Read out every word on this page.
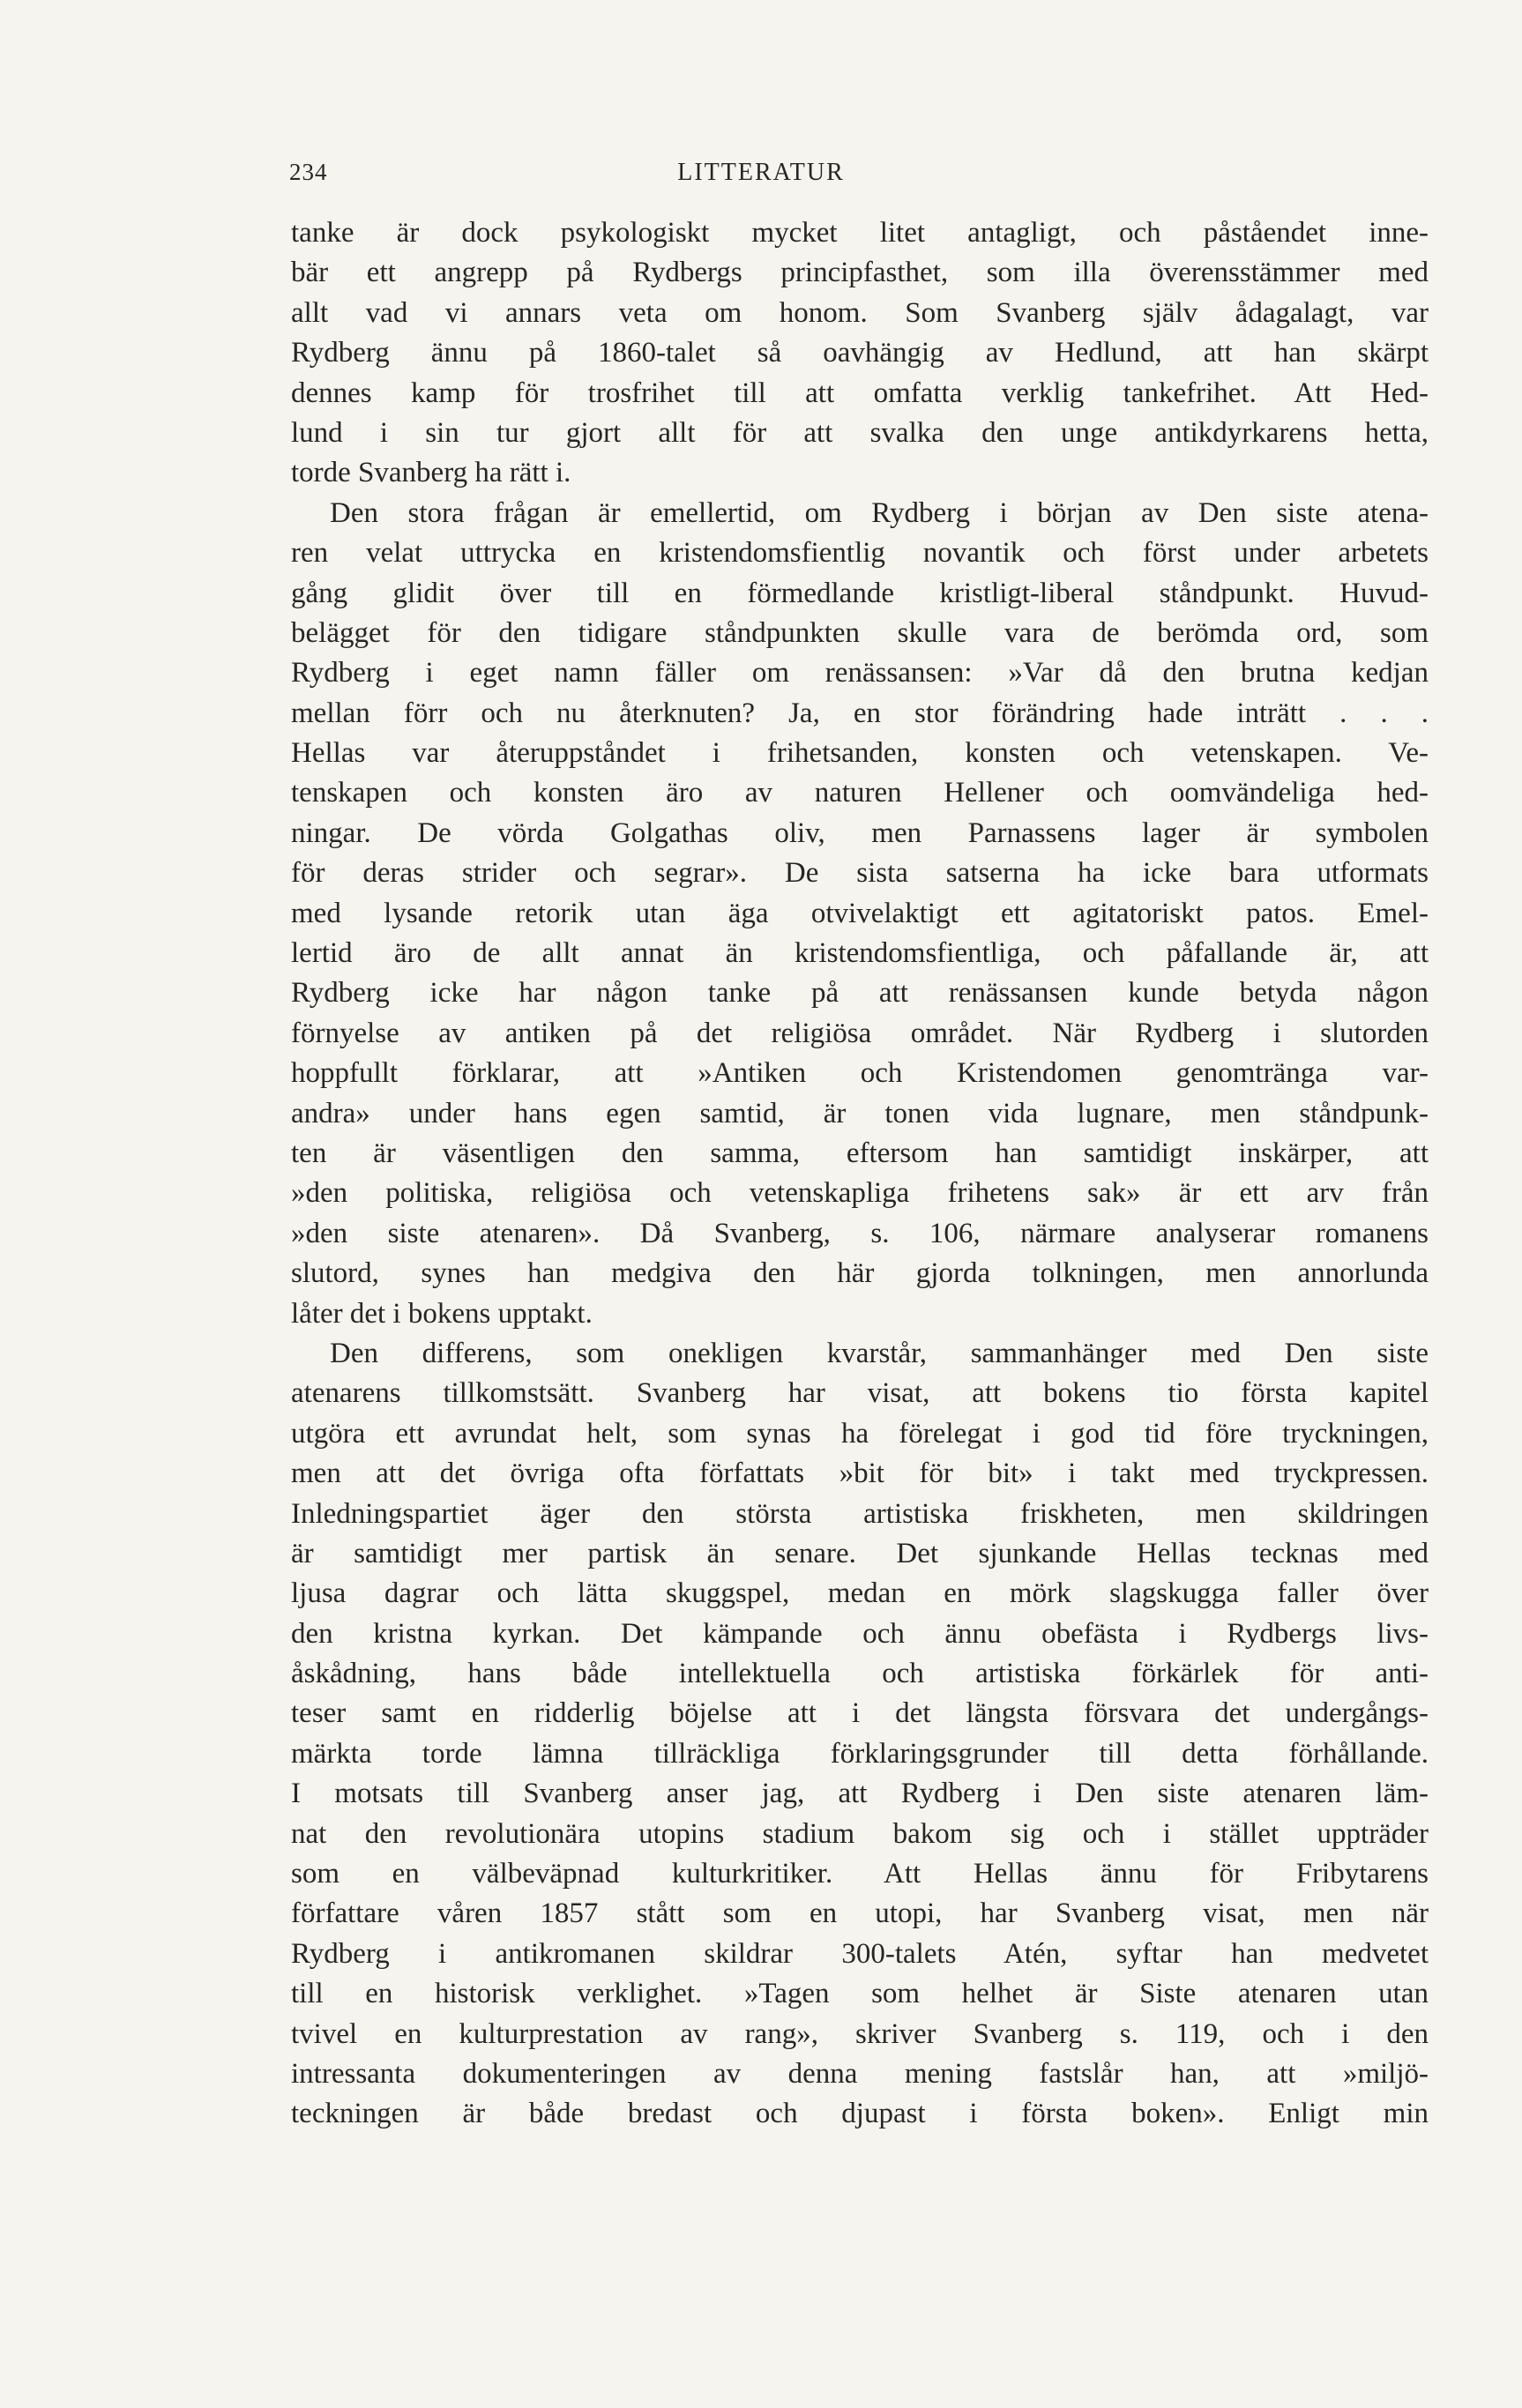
234	LITTERATUR
tanke är dock psykologiskt mycket litet antagligt, och påståendet inne-
bär ett angrepp på Rydbergs principfasthet, som illa överensstämmer med
allt vad vi annars veta om honom. Som Svanberg själv ådagalagt, var
Rydberg ännu på 1860-talet så oavhängig av Hedlund, att han skärpt
dennes kamp för trosfrihet till att omfatta verklig tankefrihet. Att Hed-
lund i sin tur gjort allt för att svalka den unge antikdyrkarens hetta,
torde Svanberg ha rätt i.
Den stora frågan är emellertid, om Rydberg i början av Den siste atena-
ren velat uttrycka en kristendomsfientlig novantik och först under arbetets
gång glidit över till en förmedlande kristligt-liberal ståndpunkt. Huvud-
belägget för den tidigare ståndpunkten skulle vara de berömda ord, som
Rydberg i eget namn fäller om renässansen: »Var då den brutna kedjan
mellan förr och nu återknuten? Ja, en stor förändring hade inträtt . . .
Hellas var återuppståndet i frihetsanden, konsten och vetenskapen. Ve-
tenskapen och konsten äro av naturen Hellener och oomvändeliga hed-
ningar. De vörda Golgathas oliv, men Parnassens lager är symbolen
för deras strider och segrar». De sista satserna ha icke bara utformats
med lysande retorik utan äga otvivelaktigt ett agitatoriskt patos. Emel-
lertid äro de allt annat än kristendomsfientliga, och påfallande är, att
Rydberg icke har någon tanke på att renässansen kunde betyda någon
förnyelse av antiken på det religiösa området. När Rydberg i slutorden
hoppfullt förklarar, att »Antiken och Kristendomen genomtränga var-
andra» under hans egen samtid, är tonen vida lugnare, men ståndpunk-
ten är väsentligen den samma, eftersom han samtidigt inskärper, att
»den politiska, religiösa och vetenskapliga frihetens sak» är ett arv från
»den siste atenaren». Då Svanberg, s. 106, närmare analyserar romanens
slutord, synes han medgiva den här gjorda tolkningen, men annorlunda
låter det i bokens upptakt.
Den differens, som onekligen kvarstår, sammanhänger med Den siste
atenarens tillkomstsätt. Svanberg har visat, att bokens tio första kapitel
utgöra ett avrundat helt, som synas ha förelegat i god tid före tryckningen,
men att det övriga ofta författats »bit för bit» i takt med tryckpressen.
Inledningspartiet äger den största artistiska friskheten, men skildringen
är samtidigt mer partisk än senare. Det sjunkande Hellas tecknas med
ljusa dagrar och lätta skuggspel, medan en mörk slagskugga faller över
den kristna kyrkan. Det kämpande och ännu obefästa i Rydbergs livs-
åskådning, hans både intellektuella och artistiska förkärlek för anti-
teser samt en ridderlig böjelse att i det längsta försvara det undergångs-
märkta torde lämna tillräckliga förklaringsgrunder till detta förhållande.
I motsats till Svanberg anser jag, att Rydberg i Den siste atenaren läm-
nat den revolutionära utopins stadium bakom sig och i stället uppträder
som en välbeväpnad kulturkritiker. Att Hellas ännu för Fribytarens
författare våren 1857 stått som en utopi, har Svanberg visat, men när
Rydberg i antikromanen skildrar 300-talets Atén, syftar han medvetet
till en historisk verklighet. »Tagen som helhet är Siste atenaren utan
tvivel en kulturprestation av rang», skriver Svanberg s. 119, och i den
intressanta dokumenteringen av denna mening fastslår han, att »miljö-
teckningen är både bredast och djupast i första boken». Enligt min
